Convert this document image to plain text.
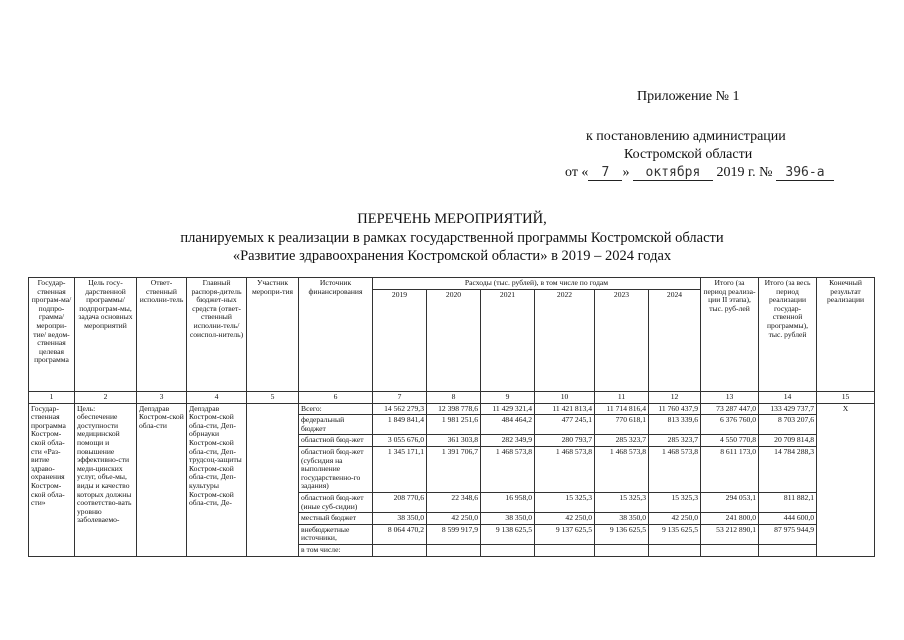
Приложение № 1
к постановлению администрации
Костромской области
от « 7 » октября 2019 г. № 396-а
ПЕРЕЧЕНЬ МЕРОПРИЯТИЙ,
планируемых к реализации в рамках государственной программы Костромской области
«Развитие здравоохранения Костромской области» в 2019 – 2024 годах
Государ-ственная програм-ма/ подпро-грамма/ меропри-тие/ ведом-ственная целевая программа	Цель госу-дарственной программы/ подпрограм-мы, задача основных мероприятий	Ответ-ственный исполни-тель	Главный распоря-дитель бюджет-ных средств (ответ-ственный исполни-тель/ соиспол-нитель)	Участник меропри-тия	Источник финансирования	Расходы (тыс. рублей), в том числе по годам						Итого (за период реализа-ции II этапа), тыс. руб-лей	Итого (за весь период реализации государ-ственной программы), тыс. рублей	Конечный результат реализации
						2019	2020	2021	2022	2023	2024			
1	2	3	4	5	6	7	8	9	10	11	12	13	14	15
Государ-ственная программа Костром-ской обла-сти «Раз-витие здраво-охранения Костром-ской обла-сти»	Цель: обеспечение доступности медицинской помощи и повышение эффективно-сти меди-цинских услуг, объе-мы, виды и качество которых должны соответство-вать уровню заболеваемо-	Депздрав Костром-ской обла-сти	Депздрав Костром-ской обла-сти, Деп-обрнауки Костром-ской обла-сти, Деп-трудсоц-защиты Костром-ской обла-сти, Деп-культуры Костром-ской обла-сти, Де-		Всего:	14 562 279,3	12 398 778,6	11 429 321,4	11 421 813,4	11 714 816,4	11 760 437,9	73 287 447,0	133 429 737,7	Х
					федеральный бюджет	1 849 841,4	1 981 251,6	484 464,2	477 245,1	770 618,1	813 339,6	6 376 760,0	8 703 207,6	
					областной бюд-жет	3 055 676,0	361 303,8	282 349,9	280 793,7	285 323,7	285 323,7	4 550 770,8	20 709 814,8	
					областной бюд-жет (субсидия на выполнение государственно-го задания)	1 345 171,1	1 391 706,7	1 468 573,8	1 468 573,8	1 468 573,8	1 468 573,8	8 611 173,0	14 784 288,3	
					областной бюд-жет (иные суб-сидии)	208 770,6	22 348,6	16 958,0	15 325,3	15 325,3	15 325,3	294 053,1	811 882,1	
					местный бюджет	38 350,0	42 250,0	38 350,0	42 250,0	38 350,0	42 250,0	241 800,0	444 600,0	
					внебюджетные источники,	8 064 470,2	8 599 917,9	9 138 625,5	9 137 625,5	9 136 625,5	9 135 625,5	53 212 890,1	87 975 944,9	
					в том числе:									
